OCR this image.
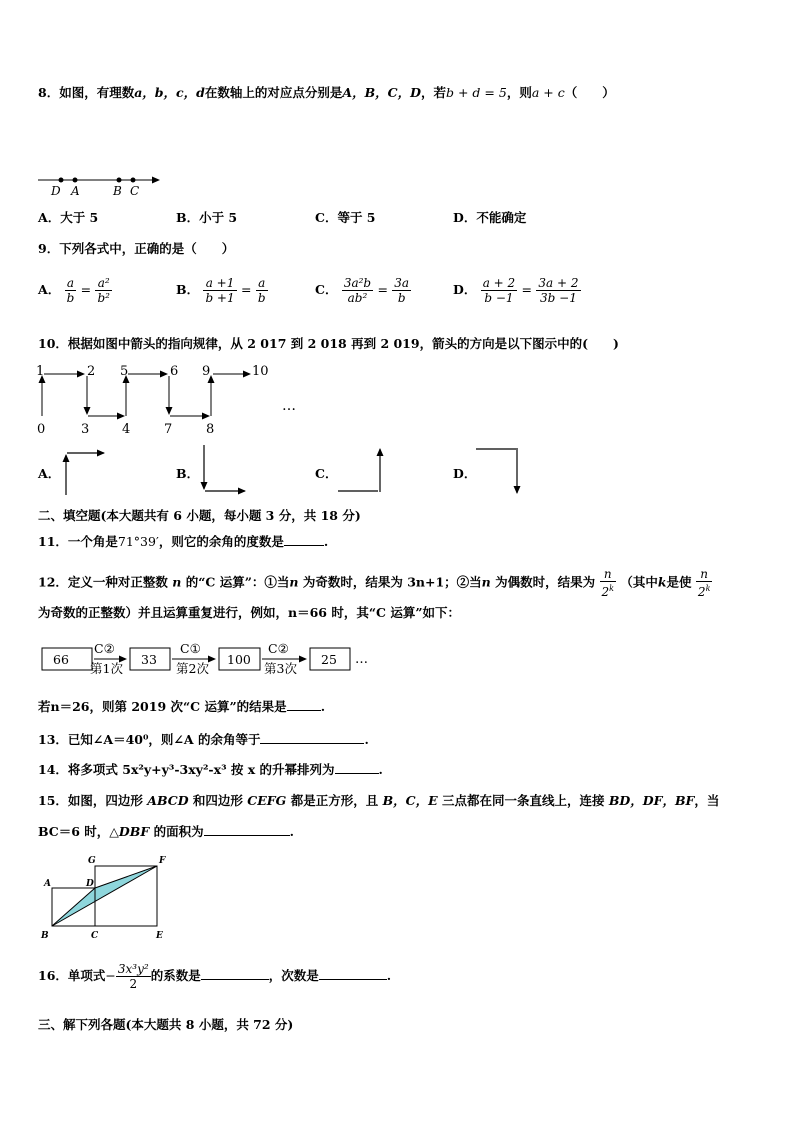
8．如图，有理数a，b，c，d在数轴上的对应点分别是A，B，C，D，若b + d = 5，则a + c（　　）
D A	B C
A．大于 5	B．小于 5	C．等于 5	D．不能确定
9．下列各式中，正确的是（　　）
A． $\frac{a}{b} = \frac{\text{a²}}{\text{b²}}$	B． $\frac{a +1}{b +1} = \frac{a}{b}$	C． $\frac{\text{3a²b}}{\text{ab²}} = \frac{3a}{b}$	D． $\frac{a + 2}{b -1} = \frac{3a + 2}{3b -1}$
10．根据如图中箭头的指向规律，从 2 017 到 2 018 再到 2 019，箭头的方向是以下图示中的(　　)
1	2 5	6 9	10
0	3	4	7	8
…
A．	B．	C．	D．
二、填空题(本大题共有 6 小题，每小题 3 分，共 18 分)
11．一个角是71°39′，则它的余角的度数是	.
12．定义一种对正整数 n 的“C 运算”：①当n 为奇数时，结果为 3n+1；②当n 为偶数时，结果为 $\frac{n}{2^k}$ （其中k是使 $\frac{n}{2^k}$
为奇数的正整数）并且运算重复进行，例如，n＝66 时，其“C 运算”如下：
66
C②
第1次
33
C①
第2次
100
C②
第3次
25 …
若n＝26，则第 2019 次“C 运算”的结果是	.
13．已知∠A＝40⁰，则∠A 的余角等于	.
14．将多项式 5x²y+y³-3xy²-x³ 按 x 的升幂排列为	.
15．如图，四边形 ABCD 和四边形 CEFG 都是正方形，且 B，C，E 三点都在同一条直线上，连接 BD，DF，BF，当
BC＝6 时，△DBF 的面积为	.
G	F
A	D
B	C	E
16．单项式− $\frac{\text{3x³y²}}{2}$ 的系数是	，次数是	.
三、解下列各题(本大题共 8 小题，共 72 分)
